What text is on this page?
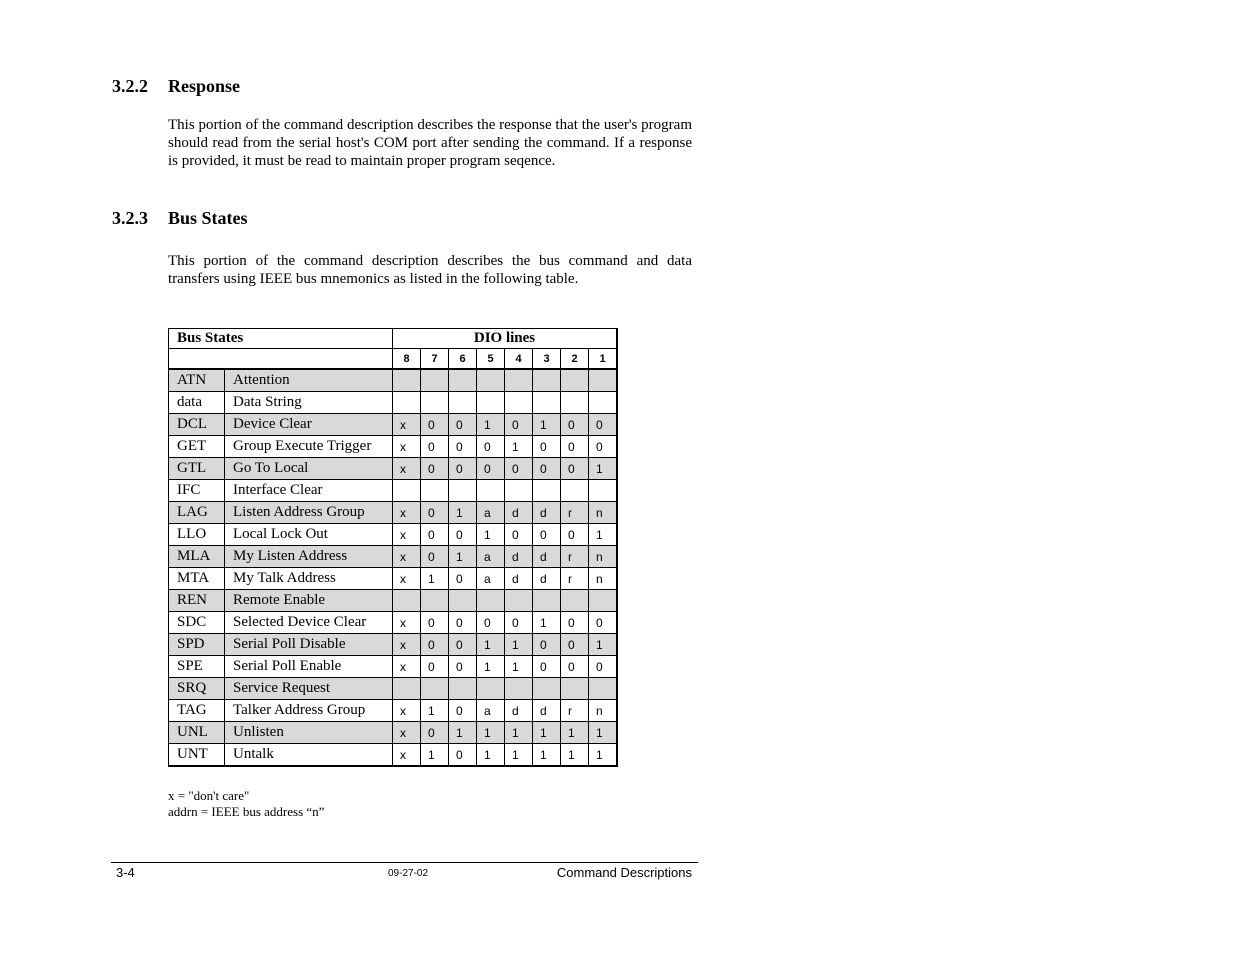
3.2.2 Response
This portion of the command description describes the response that the user's program should read from the serial host's COM port after sending the command. If a response is provided, it must be read to maintain proper program seqence.
3.2.3 Bus States
This portion of the command description describes the bus command and data transfers using IEEE bus mnemonics as listed in the following table.
Bus States		DIO lines							
		8	7	6	5	4	3	2	1
ATN	Attention								
data	Data String								
DCL	Device Clear	x	0	0	1	0	1	0	0
GET	Group Execute Trigger	x	0	0	0	1	0	0	0
GTL	Go To Local	x	0	0	0	0	0	0	1
IFC	Interface Clear								
LAG	Listen Address Group	x	0	1	a	d	d	r	n
LLO	Local Lock Out	x	0	0	1	0	0	0	1
MLA	My Listen Address	x	0	1	a	d	d	r	n
MTA	My Talk Address	x	1	0	a	d	d	r	n
REN	Remote Enable								
SDC	Selected Device Clear	x	0	0	0	0	1	0	0
SPD	Serial Poll Disable	x	0	0	1	1	0	0	1
SPE	Serial Poll Enable	x	0	0	1	1	0	0	0
SRQ	Service Request								
TAG	Talker Address Group	x	1	0	a	d	d	r	n
UNL	Unlisten	x	0	1	1	1	1	1	1
UNT	Untalk	x	1	0	1	1	1	1	1
x = "don't care"
addrn = IEEE bus address “n”
3-4	09-27-02	Command Descriptions
